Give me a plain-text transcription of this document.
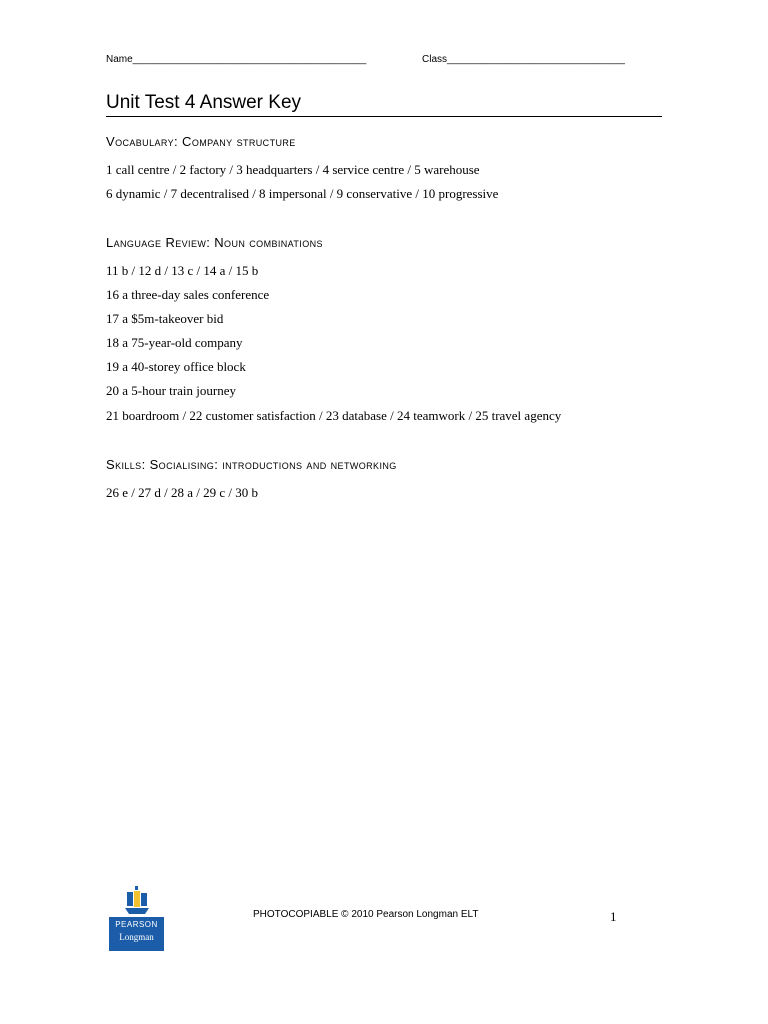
Name__________________________________________	Class________________________________
Unit Test 4 Answer Key
Vocabulary: Company structure
1 call centre / 2 factory / 3 headquarters / 4 service centre / 5 warehouse
6 dynamic / 7 decentralised / 8 impersonal / 9 conservative / 10 progressive
Language Review: Noun combinations
11 b / 12 d / 13 c / 14 a / 15 b
16 a three-day sales conference
17 a $5m-takeover bid
18 a 75-year-old company
19 a 40-storey office block
20 a 5-hour train journey
21 boardroom / 22 customer satisfaction / 23 database / 24 teamwork / 25 travel agency
Skills: Socialising: introductions and networking
26 e / 27 d / 28 a / 29 c / 30 b
PEARSON
Longman
PHOTOCOPIABLE © 2010 Pearson Longman ELT	1
